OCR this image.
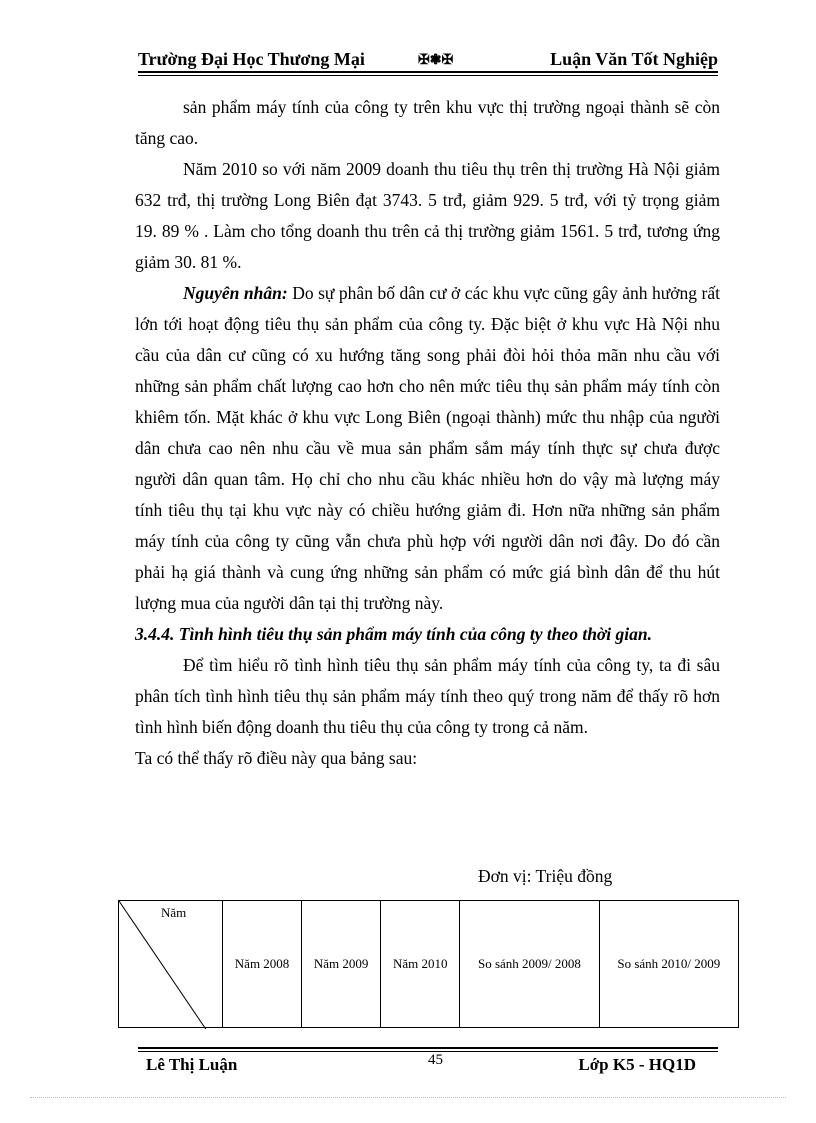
Trường Đại Học Thương Mại	✠❃✠	Luận Văn Tốt Nghiệp

sản phẩm máy tính của công ty trên khu vực thị trường ngoại thành sẽ còn tăng cao.

Năm 2010 so với năm 2009 doanh thu tiêu thụ trên thị trường Hà Nội giảm 632 trđ, thị trường Long Biên đạt 3743. 5 trđ, giảm 929. 5 trđ, với tỷ trọng giảm 19. 89 % . Làm cho tổng doanh thu trên cả thị trường giảm 1561. 5 trđ, tương ứng giảm 30. 81 %.

Nguyên nhân: Do sự phân bố dân cư ở các khu vực cũng gây ảnh hưởng rất lớn tới hoạt động tiêu thụ sản phẩm của công ty. Đặc biệt ở khu vực Hà Nội nhu cầu của dân cư cũng có xu hướng tăng song phải đòi hỏi thỏa mãn nhu cầu với những sản phẩm chất lượng cao hơn cho nên mức tiêu thụ sản phẩm máy tính còn khiêm tốn. Mặt khác ở khu vực Long Biên (ngoại thành) mức thu nhập của người dân chưa cao nên nhu cầu về mua sản phẩm sắm máy tính thực sự chưa được người dân quan tâm. Họ chỉ cho nhu cầu khác nhiều hơn do vậy mà lượng máy tính tiêu thụ tại khu vực này có chiều hướng giảm đi. Hơn nữa những sản phẩm máy tính của công ty cũng vẫn chưa phù hợp với người dân nơi đây. Do đó cần phải hạ giá thành và cung ứng những sản phẩm có mức giá bình dân để thu hút lượng mua của người dân tại thị trường này.

3.4.4. Tình hình tiêu thụ sản phẩm máy tính của công ty theo thời gian.

Để tìm hiểu rõ tình hình tiêu thụ sản phẩm máy tính của công ty, ta đi sâu phân tích tình hình tiêu thụ sản phẩm máy tính theo quý trong năm để thấy rõ hơn tình hình biến động doanh thu tiêu thụ của công ty trong cả năm.

Ta có thể thấy rõ điều này qua bảng sau:

Đơn vị: Triệu đồng
Năm
	Năm 2008	Năm 2009	Năm 2010	So sánh 2009/ 2008	So sánh 2010/ 2009
Lê Thị Luận	45	Lớp K5 - HQ1D
